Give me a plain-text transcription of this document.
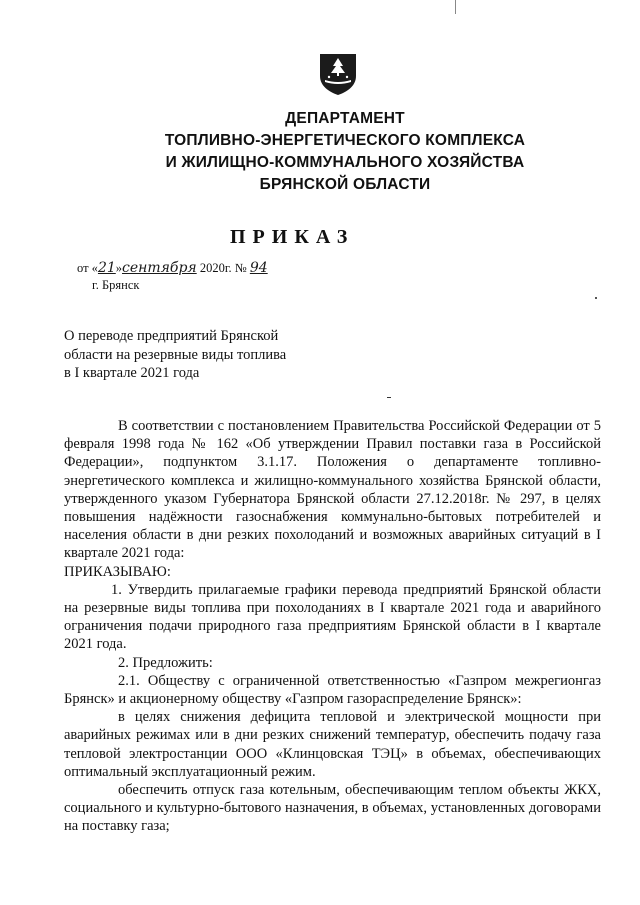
ДЕПАРТАМЕНТ
ТОПЛИВНО-ЭНЕРГЕТИЧЕСКОГО КОМПЛЕКСА
И ЖИЛИЩНО-КОММУНАЛЬНОГО ХОЗЯЙСТВА
БРЯНСКОЙ ОБЛАСТИ
ПРИКАЗ
от «21»сентября 2020г. № 94
г. Брянск
О переводе предприятий Брянской
области на резервные виды топлива
в I квартале 2021 года

В соответствии с постановлением Правительства Российской Федерации от 5 февраля 1998 года № 162 «Об утверждении Правил поставки газа в Российской Федерации», подпунктом 3.1.17. Положения о департаменте топливно-энергетического комплекса и жилищно-коммунального хозяйства Брянской области, утвержденного указом Губернатора Брянской области 27.12.2018г. № 297, в целях повышения надёжности газоснабжения коммунально-бытовых потребителей и населения области в дни резких похолоданий и возможных аварийных ситуаций в I квартале 2021 года:

ПРИКАЗЫВАЮ:

1. Утвердить прилагаемые графики перевода предприятий Брянской области на резервные виды топлива при похолоданиях в I квартале 2021 года и аварийного ограничения подачи природного газа предприятиям Брянской области в I квартале 2021 года.

2. Предложить:

2.1. Обществу с ограниченной ответственностью «Газпром межрегионгаз Брянск» и акционерному обществу «Газпром газораспределение Брянск»:

в целях снижения дефицита тепловой и электрической мощности при аварийных режимах или в дни резких снижений температур, обеспечить подачу газа тепловой электростанции ООО «Клинцовская ТЭЦ» в объемах, обеспечивающих оптимальный эксплуатационный режим.

обеспечить отпуск газа котельным, обеспечивающим теплом объекты ЖКХ, социального и культурно-бытового назначения, в объемах, установленных договорами на поставку газа;
